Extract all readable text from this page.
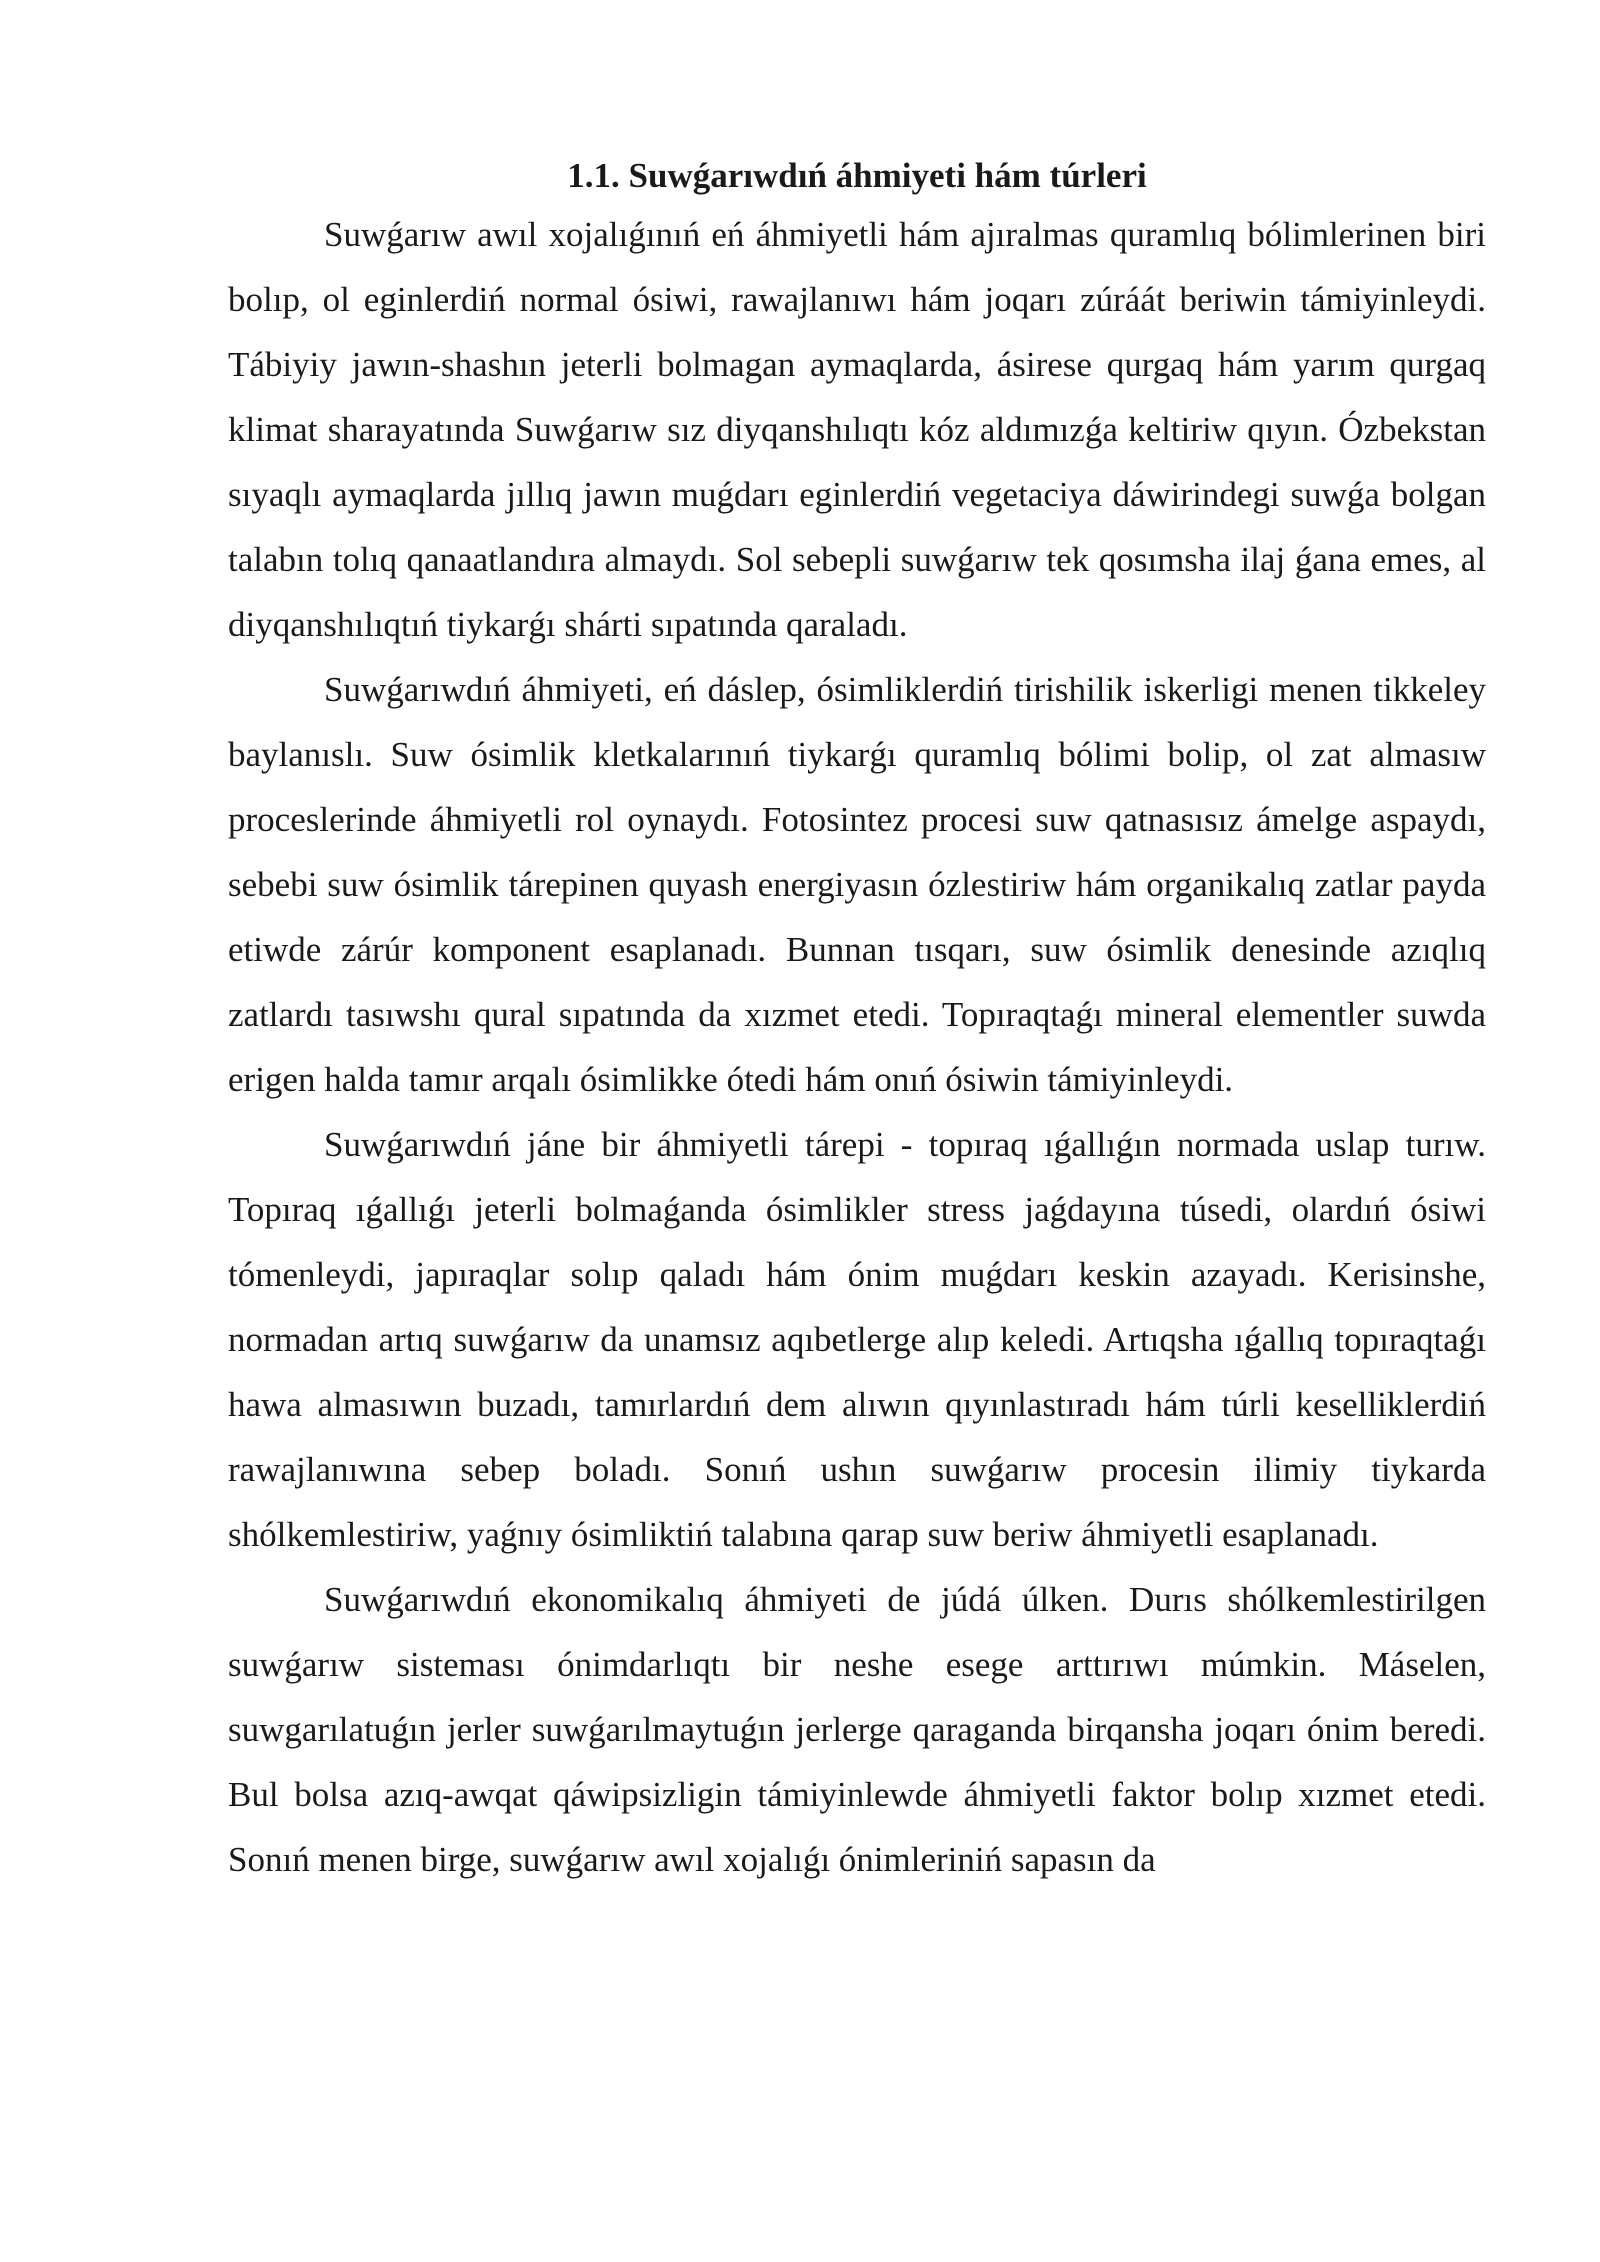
1.1. Suwǵarıwdıń áhmiyeti hám túrleri

Suwǵarıw awıl xojalıǵınıń eń áhmiyetli hám ajıralmas quramlıq bólimlerinen biri bolıp, ol eginlerdiń normal ósiwi, rawajlanıwı hám joqarı zúráát beriwin támiyinleydi. Tábiyiy jawın-shashın jeterli bolmagan aymaqlarda, ásirese qurgaq hám yarım qurgaq klimat sharayatında Suwǵarıw sız diyqanshılıqtı kóz aldımızǵa keltiriw qıyın. Ózbekstan sıyaqlı aymaqlarda jıllıq jawın muǵdarı eginlerdiń vegetaciya dáwirindegi suwǵa bolgan talabın tolıq qanaatlandıra almaydı. Sol sebepli suwǵarıw tek qosımsha ilaj ǵana emes, al diyqanshılıqtıń tiykarǵı shárti sıpatında qaraladı.

Suwǵarıwdıń áhmiyeti, eń dáslep, ósimliklerdiń tirishilik iskerligi menen tikkeley baylanıslı. Suw ósimlik kletkalarınıń tiykarǵı quramlıq bólimi bolip, ol zat almasıw proceslerinde áhmiyetli rol oynaydı. Fotosintez procesi suw qatnasısız ámelge aspaydı, sebebi suw ósimlik tárepinen quyash energiyasın ózlestiriw hám organikalıq zatlar payda etiwde zárúr komponent esaplanadı. Bunnan tısqarı, suw ósimlik denesinde azıqlıq zatlardı tasıwshı qural sıpatında da xızmet etedi. Topıraqtaǵı mineral elementler suwda erigen halda tamır arqalı ósimlikke ótedi hám onıń ósiwin támiyinleydi.

Suwǵarıwdıń jáne bir áhmiyetli tárepi - topıraq ıǵallıǵın normada uslap turıw. Topıraq ıǵallıǵı jeterli bolmaǵanda ósimlikler stress jaǵdayına túsedi, olardıń ósiwi tómenleydi, japıraqlar solıp qaladı hám ónim muǵdarı keskin azayadı. Kerisinshe, normadan artıq suwǵarıw da unamsız aqıbetlerge alıp keledi. Artıqsha ıǵallıq topıraqtaǵı hawa almasıwın buzadı, tamırlardıń dem alıwın qıyınlastıradı hám túrli keselliklerdiń rawajlanıwına sebep boladı. Sonıń ushın suwǵarıw procesin ilimiy tiykarda shólkemlestiriw, yaǵnıy ósimliktiń talabına qarap suw beriw áhmiyetli esaplanadı.

Suwǵarıwdıń ekonomikalıq áhmiyeti de júdá úlken. Durıs shólkemlestirilgen suwǵarıw sisteması ónimdarlıqtı bir neshe esege arttırıwı múmkin. Máselen, suwgarılatuǵın jerler suwǵarılmaytuǵın jerlerge qaraganda birqansha joqarı ónim beredi. Bul bolsa azıq-awqat qáwipsizligin támiyinlewde áhmiyetli faktor bolıp xızmet etedi. Sonıń menen birge, suwǵarıw awıl xojalıǵı ónimleriniń sapasın da
